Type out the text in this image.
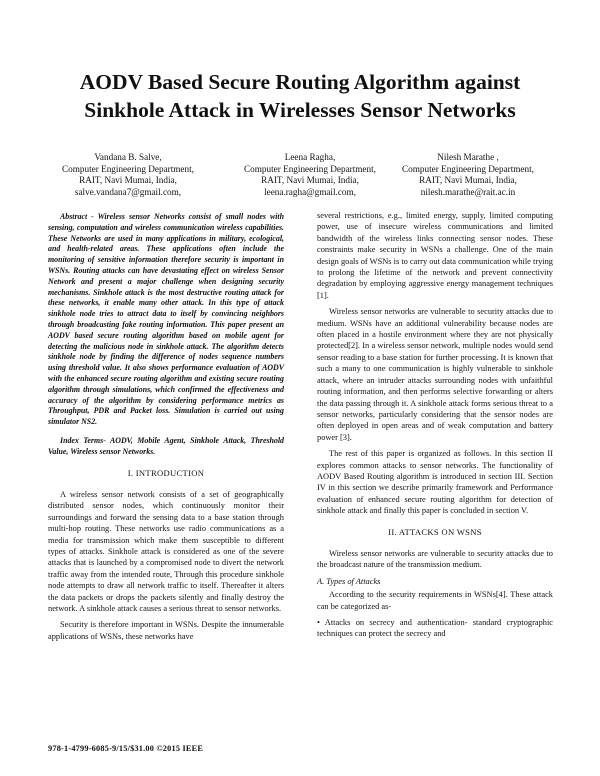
AODV Based Secure Routing Algorithm against
Sinkhole Attack in Wirelesses Sensor Networks
Vandana B. Salve,
Computer Engineering Department,
RAIT, Navi Mumai, India,
salve.vandana7@gmail.com,
Leena Ragha,
Computer Engineering Department,
RAIT, Navi Mumai, India,
leena.ragha@gmail.com,
Nilesh Marathe ,
Computer Engineering Department,
RAIT, Navi Mumai, India,
nilesh.marathe@rait.ac.in

Abstract - Wireless sensor Networks consist of small nodes with sensing, computation and wireless communication wireless capabilities. These Networks are used in many applications in military, ecological, and health-related areas. These applications often include the monitoring of sensitive information therefore security is important in WSNs. Routing attacks can have devastating effect on wireless Sensor Network and present a major challenge when designing security mechanisms. Sinkhole attack is the most destructive routing attack for these networks, it enable many other attack. In this type of attack sinkhole node tries to attract data to itself by convincing neighbors through broadcasting fake routing information. This paper present an AODV based secure routing algorithm based on mobile agent for detecting the malicious node in sinkhole attack. The algorithm detects sinkhole node by finding the difference of nodes sequence numbers using threshold value. It also shows performance evaluation of AODV with the enhanced secure routing algorithm and existing secure routing algorithm through simulations, which confirmed the effectiveness and accuracy of the algorithm by considering performance metrics as Throughput, PDR and Packet loss. Simulation is carried out using simulator NS2.

Index Terms- AODV, Mobile Agent, Sinkhole Attack, Threshold Value, Wireless sensor Networks.

I. INTRODUCTION

A wireless sensor network consists of a set of geographically distributed sensor nodes, which continuously monitor their surroundings and forward the sensing data to a base station through multi-hop routing. These networks use radio communications as a media for transmission which make them susceptible to different types of attacks. Sinkhole attack is considered as one of the severe attacks that is launched by a compromised node to divert the network traffic away from the intended route, Through this procedure sinkhole node attempts to draw all network traffic to itself. Thereafter it alters the data packets or drops the packets silently and finally destroy the network. A sinkhole attack causes a serious threat to sensor networks.

Security is therefore important in WSNs. Despite the innumerable applications of WSNs, these networks have

several restrictions, e.g., limited energy, supply, limited computing power, use of insecure wireless communications and limited bandwidth of the wireless links connecting sensor nodes. These constraints make security in WSNs a challenge. One of the main design goals of WSNs is to carry out data communication while trying to prolong the lifetime of the network and prevent connectivity degradation by employing aggressive energy management techniques [1].

Wireless sensor networks are vulnerable to security attacks due to medium. WSNs have an additional vulnerability because nodes are often placed in a hostile environment where they are not physically protected[2]. In a wireless sensor network, multiple nodes would send sensor reading to a base station for further processing. It is known that such a many to one communication is highly vulnerable to sinkhole attack, where an intruder attacks surrounding nodes with unfaithful routing information, and then performs selective forwarding or alters the data passing through it. A sinkhole attack forms serious threat to a sensor networks, particularly considering that the sensor nodes are often deployed in open areas and of weak computation and battery power [3].

The rest of this paper is organized as follows. In this section II explores common attacks to sensor networks. The functionality of AODV Based Routing algorithm is introduced in section III. Section IV in this section we describe primarily framework and Performance evaluation of enhanced secure routing algorithm for detection of sinkhole attack and finally this paper is concluded in section V.

II. ATTACKS ON WSNS

Wireless sensor networks are vulnerable to security attacks due to the broadcast nature of the transmission medium.

A. Types of Attacks

According to the security requirements in WSNs[4]. These attack can be categorized as-

• Attacks on secrecy and authentication- standard cryptographic techniques can protect the secrecy and

978-1-4799-6085-9/15/$31.00 ©2015 IEEE
